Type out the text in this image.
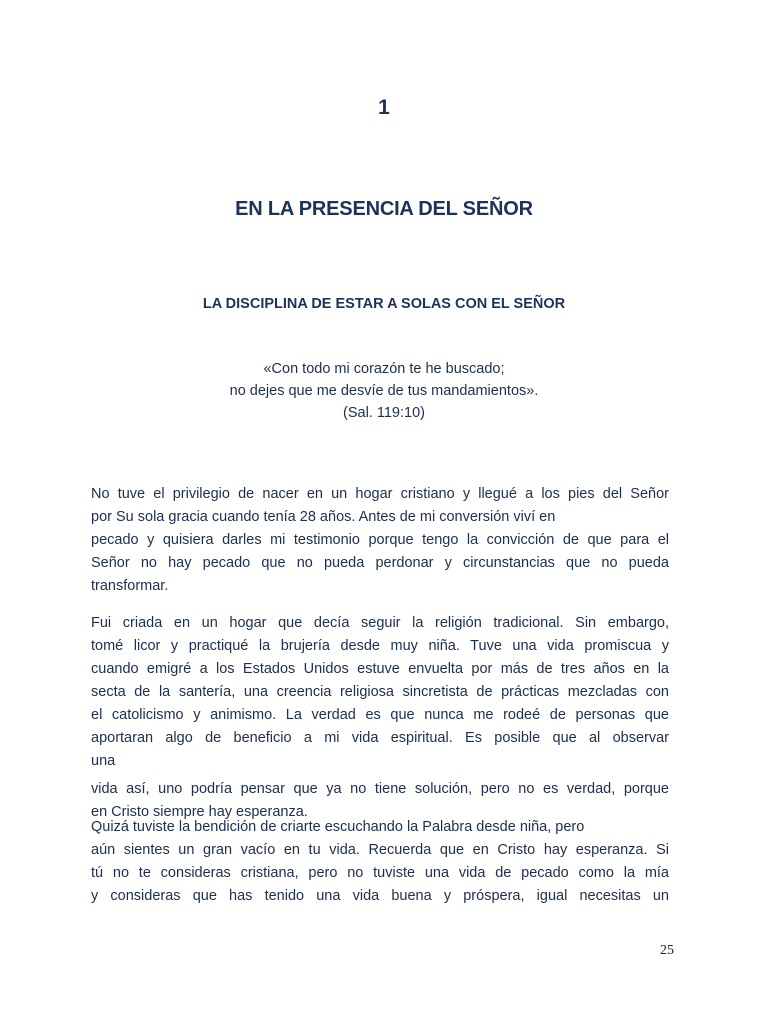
1
EN LA PRESENCIA DEL SEÑOR
LA DISCIPLINA DE ESTAR A SOLAS CON EL SEÑOR
«Con todo mi corazón te he buscado;
no dejes que me desvíe de tus mandamientos».
(Sal. 119:10)
No tuve el privilegio de nacer en un hogar cristiano y llegué a los pies del Señor
por Su sola gracia cuando tenía 28 años. Antes de mi conversión viví en
pecado y quisiera darles mi testimonio porque tengo la convicción de que para el
Señor no hay pecado que no pueda perdonar y circunstancias que no pueda
transformar.
Fui criada en un hogar que decía seguir la religión tradicional. Sin embargo,
tomé licor y practiqué la brujería desde muy niña. Tuve una vida promiscua y
cuando emigré a los Estados Unidos estuve envuelta por más de tres años en la
secta de la santería, una creencia religiosa sincretista de prácticas mezcladas con
el catolicismo y animismo. La verdad es que nunca me rodeé de personas que
aportaran algo de beneficio a mi vida espiritual. Es posible que al observar
una
vida así, uno podría pensar que ya no tiene solución, pero no es verdad, porque
en Cristo siempre hay esperanza.
Quizá tuviste la bendición de criarte escuchando la Palabra desde niña, pero
aún sientes un gran vacío en tu vida. Recuerda que en Cristo hay esperanza. Si
tú no te consideras cristiana, pero no tuviste una vida de pecado como la mía
y consideras que has tenido una vida buena y próspera, igual necesitas un
25
